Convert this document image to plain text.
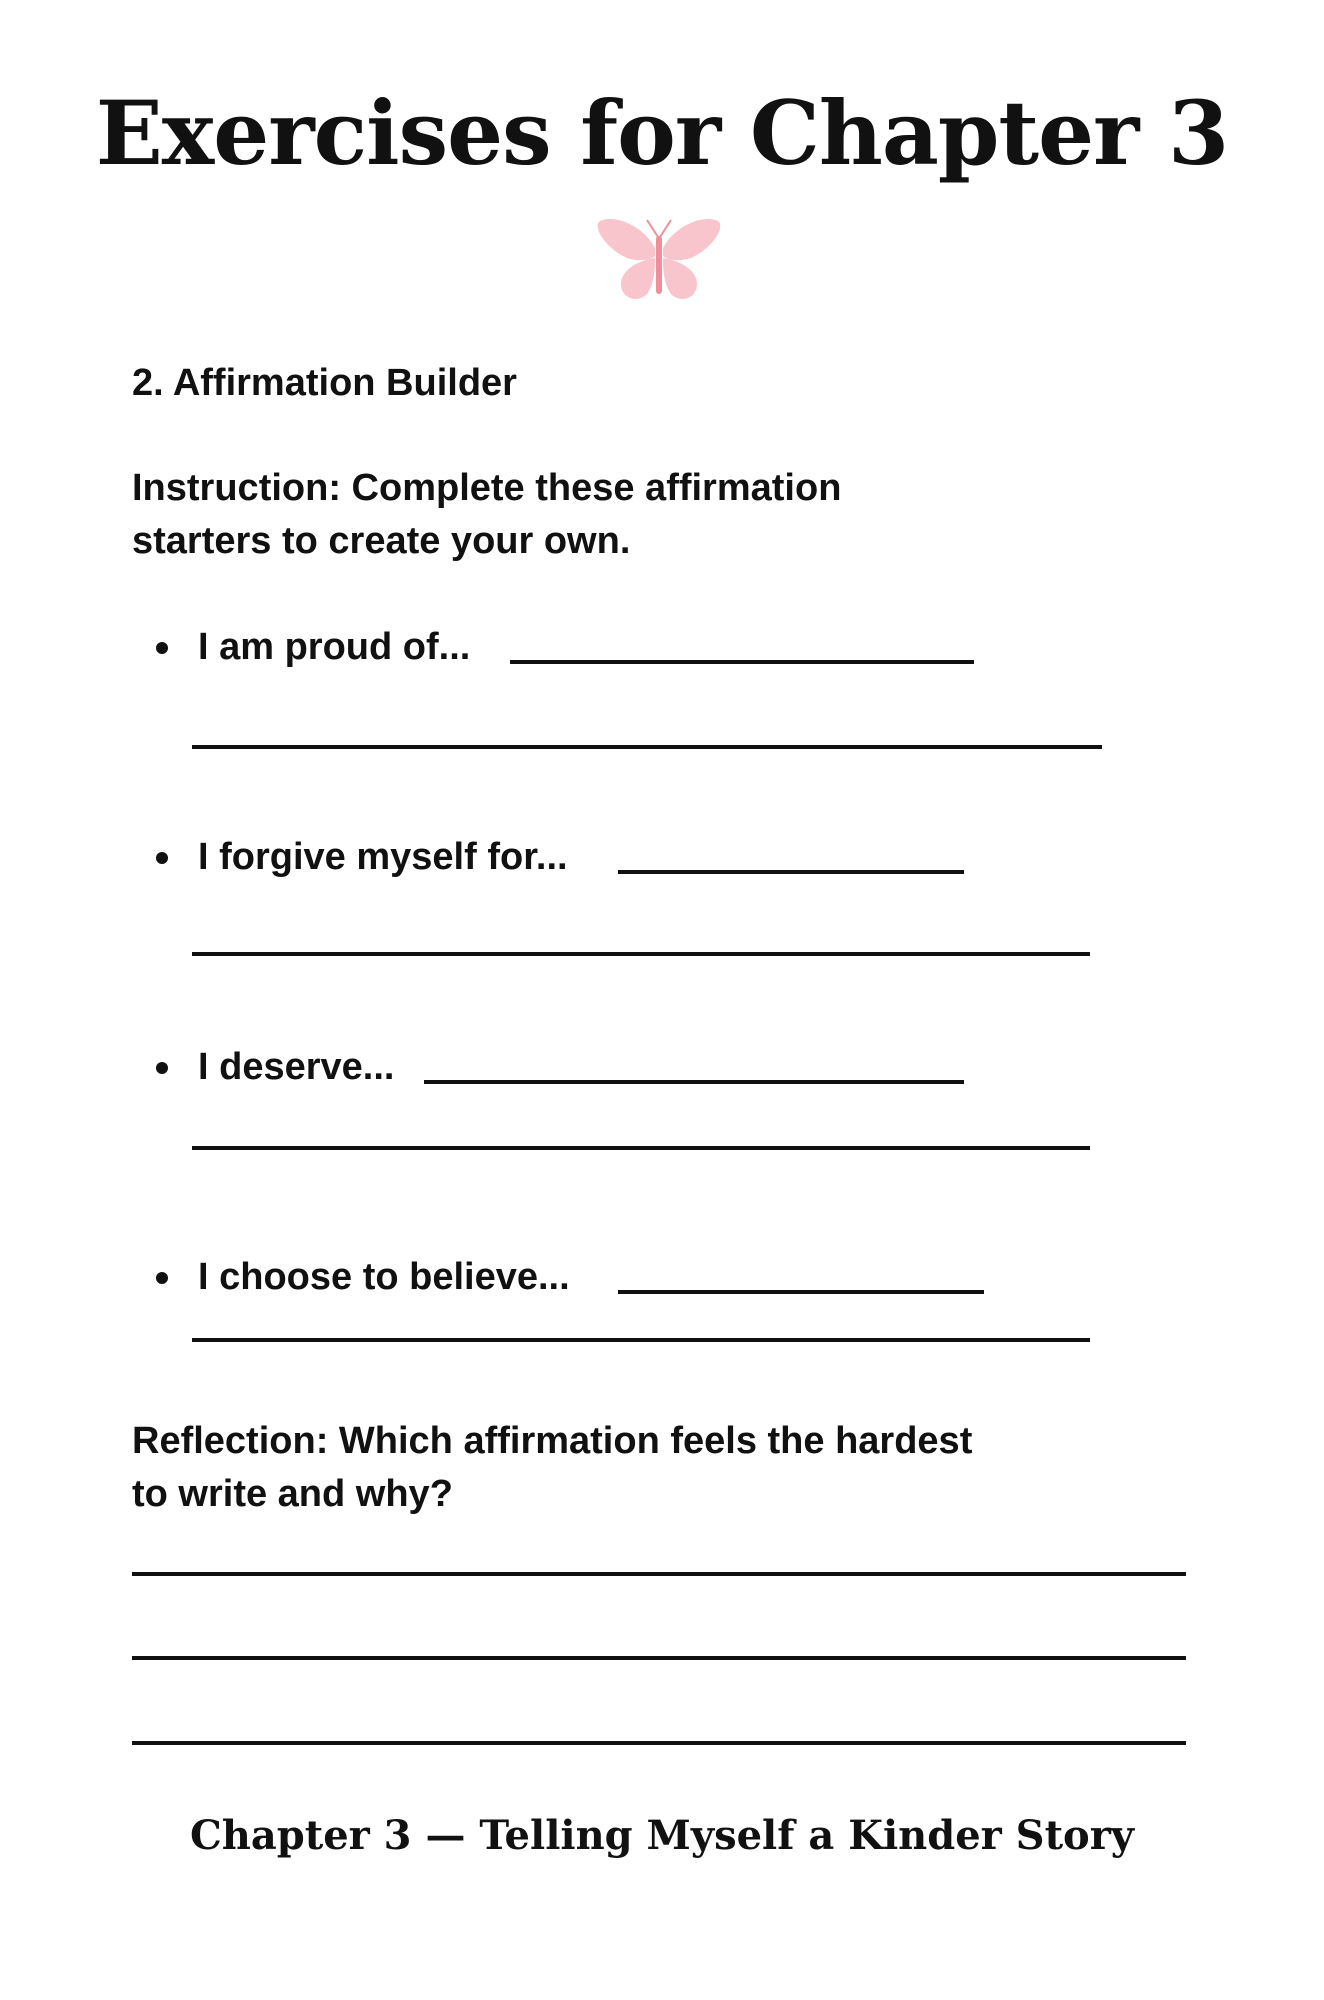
Exercises for Chapter 3
2. Affirmation Builder
Instruction: Complete these affirmation
starters to create your own.
I am proud of...
I forgive myself for...
I deserve...
I choose to believe...
Reflection: Which affirmation feels the hardest
to write and why?
Chapter 3 — Telling Myself a Kinder Story
